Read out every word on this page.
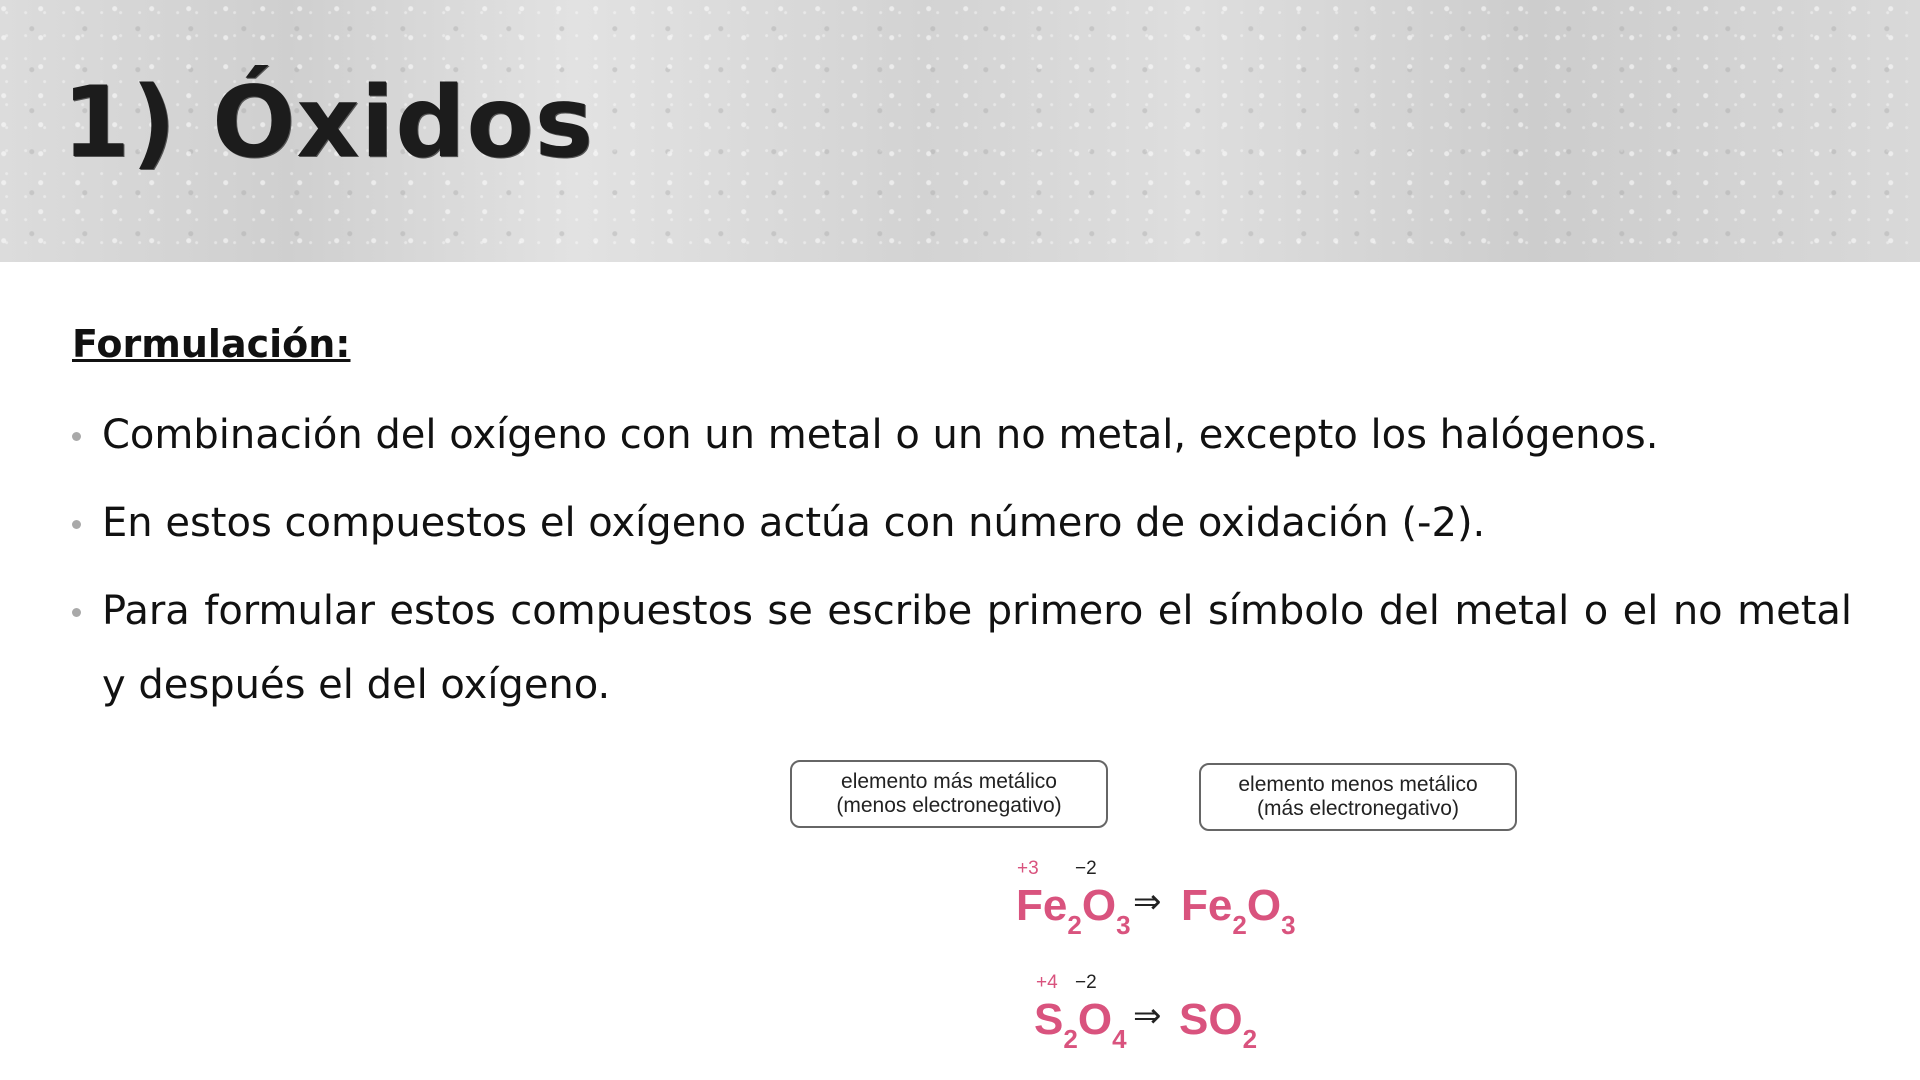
1) Óxidos
Formulación:
Combinación del oxígeno con un metal o un no metal, excepto los halógenos.
En estos compuestos el oxígeno actúa con número de oxidación (-2).
Para formular estos compuestos se escribe primero el símbolo del metal o el no metal y después el del oxígeno.
elemento más metálico
(menos electronegativo)
elemento menos metálico
(más electronegativo)
+3 −2
Fe2O3
⇒ Fe2O3
+4 −2
S2O4
⇒ SO2
